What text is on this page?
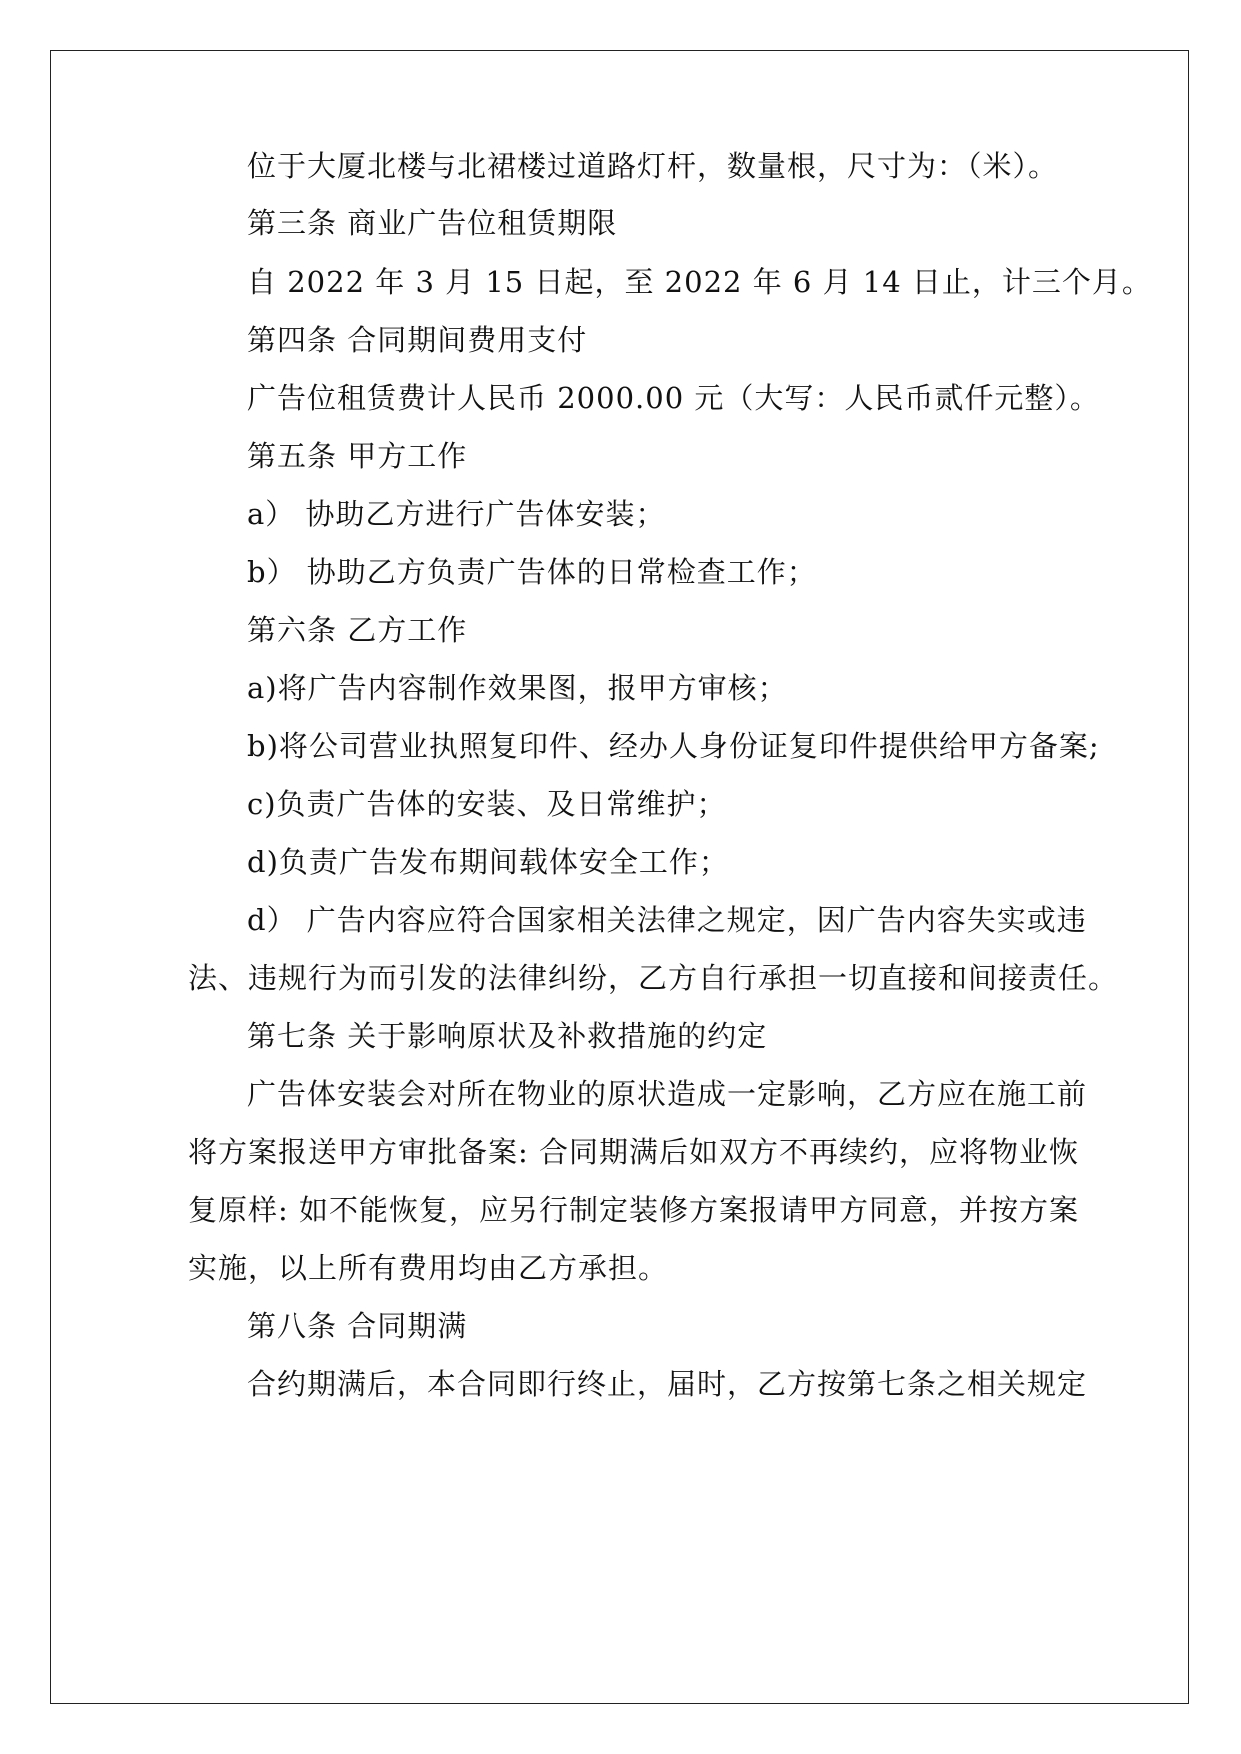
位于大厦北楼与北裙楼过道路灯杆，数量根，尺寸为：（米）。
第三条 商业广告位租赁期限
自 2022 年 3 月 15 日起，至 2022 年 6 月 14 日止，计三个月。
第四条 合同期间费用支付
广告位租赁费计人民币 2000.00 元（大写：人民币贰仟元整）。
第五条 甲方工作
a） 协助乙方进行广告体安装；
b） 协助乙方负责广告体的日常检查工作；
第六条 乙方工作
a)将广告内容制作效果图，报甲方审核；
b)将公司营业执照复印件、经办人身份证复印件提供给甲方备案;
c)负责广告体的安装、及日常维护；
d)负责广告发布期间载体安全工作；
d） 广告内容应符合国家相关法律之规定，因广告内容失实或违
法、违规行为而引发的法律纠纷，乙方自行承担一切直接和间接责任。
第七条 关于影响原状及补救措施的约定
广告体安装会对所在物业的原状造成一定影响，乙方应在施工前
将方案报送甲方审批备案: 合同期满后如双方不再续约，应将物业恢
复原样: 如不能恢复，应另行制定装修方案报请甲方同意，并按方案
实施，以上所有费用均由乙方承担。
第八条 合同期满
合约期满后，本合同即行终止，届时，乙方按第七条之相关规定
